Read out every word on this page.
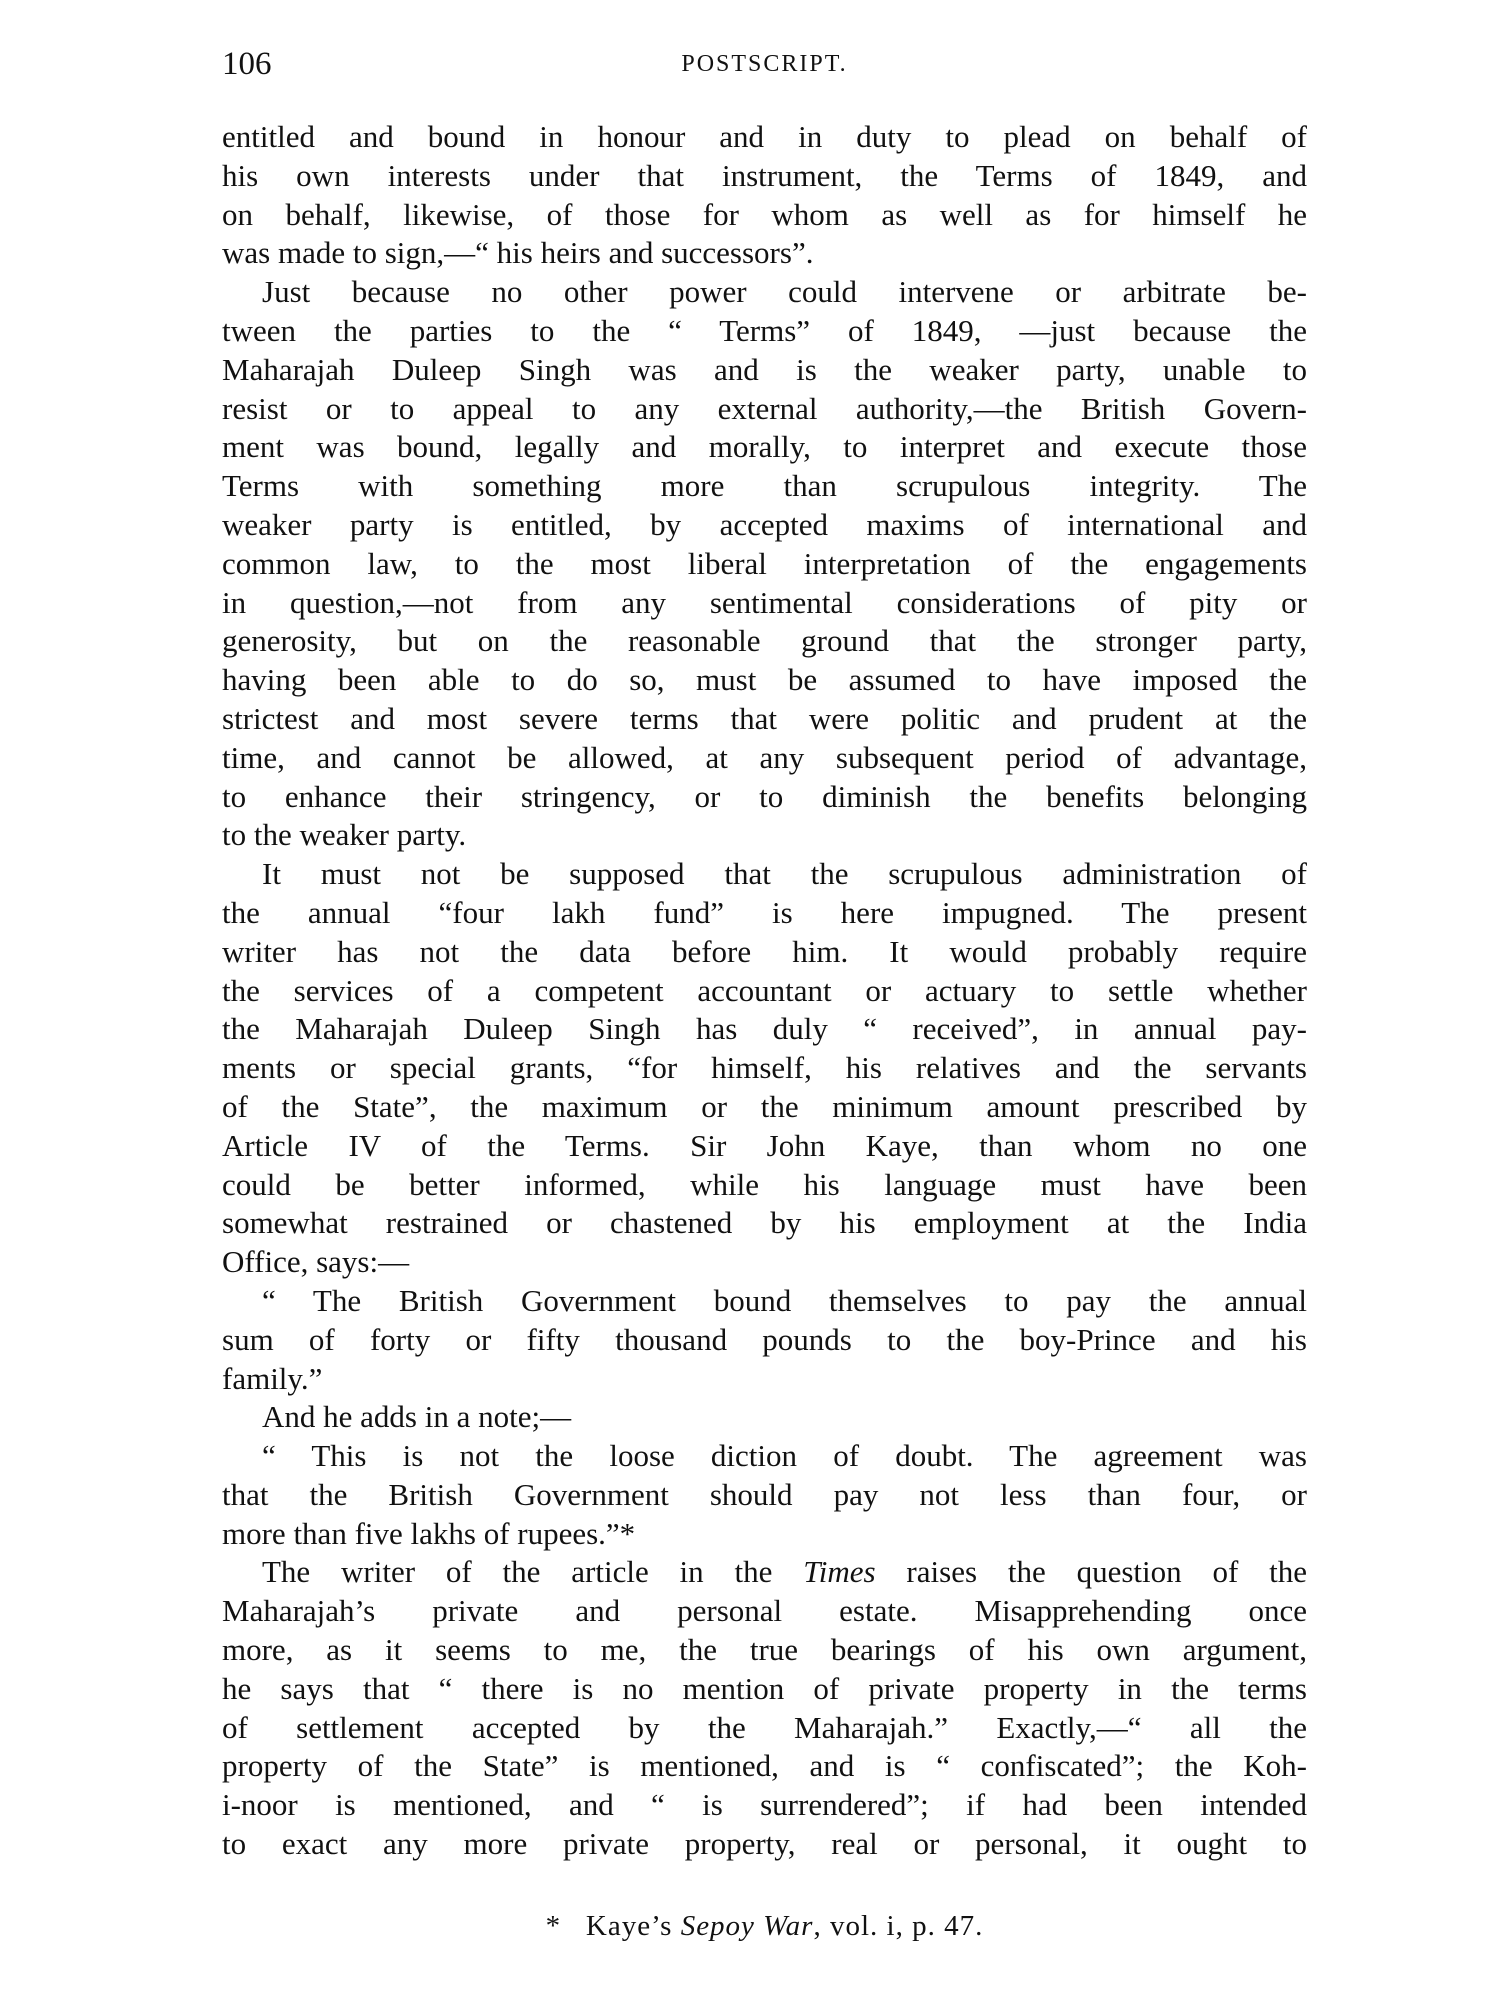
106	POSTSCRIPT.
entitled and bound in honour and in duty to plead on behalf of
his own interests under that instrument, the Terms of 1849, and
on behalf, likewise, of those for whom as well as for himself he
was made to sign,—“ his heirs and successors”.
Just because no other power could intervene or arbitrate be-
tween the parties to the “ Terms” of 1849, —just because the
Maharajah Duleep Singh was and is the weaker party, unable to
resist or to appeal to any external authority,—the British Govern-
ment was bound, legally and morally, to interpret and execute those
Terms with something more than scrupulous integrity. The
weaker party is entitled, by accepted maxims of international and
common law, to the most liberal interpretation of the engagements
in question,—not from any sentimental considerations of pity or
generosity, but on the reasonable ground that the stronger party,
having been able to do so, must be assumed to have imposed the
strictest and most severe terms that were politic and prudent at the
time, and cannot be allowed, at any subsequent period of advantage,
to enhance their stringency, or to diminish the benefits belonging
to the weaker party.
It must not be supposed that the scrupulous administration of
the annual “four lakh fund” is here impugned. The present
writer has not the data before him. It would probably require
the services of a competent accountant or actuary to settle whether
the Maharajah Duleep Singh has duly “ received”, in annual pay-
ments or special grants, “for himself, his relatives and the servants
of the State”, the maximum or the minimum amount prescribed by
Article IV of the Terms. Sir John Kaye, than whom no one
could be better informed, while his language must have been
somewhat restrained or chastened by his employment at the India
Office, says:—
“ The British Government bound themselves to pay the annual
sum of forty or fifty thousand pounds to the boy-Prince and his
family.”
And he adds in a note;—
“ This is not the loose diction of doubt. The agreement was
that the British Government should pay not less than four, or
more than five lakhs of rupees.”*
The writer of the article in the Times raises the question of the
Maharajah’s private and personal estate. Misapprehending once
more, as it seems to me, the true bearings of his own argument,
he says that “ there is no mention of private property in the terms
of settlement accepted by the Maharajah.” Exactly,—“ all the
property of the State” is mentioned, and is “ confiscated”; the Koh-
i-noor is mentioned, and “ is surrendered”; if had been intended
to exact any more private property, real or personal, it ought to
* Kaye’s Sepoy War, vol. i, p. 47.
